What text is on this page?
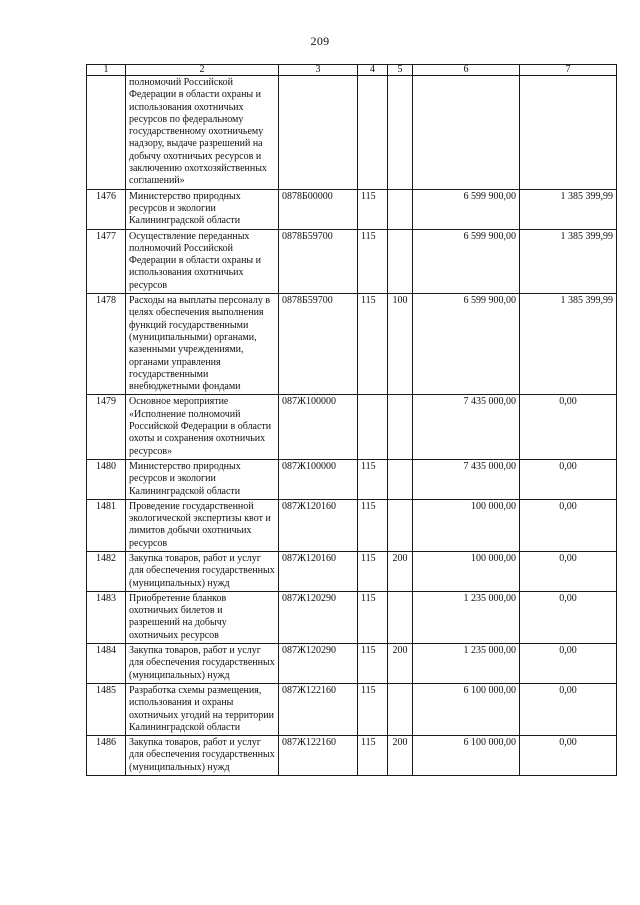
209
1	2	3	4	5	6	7
	полномочий Российской Федерации в области охраны и использования охотничьих ресурсов по федеральному государственному охотничьему надзору, выдаче разрешений на добычу охотничьих ресурсов и заключению охотхозяйственных соглашений»					
1476	Министерство природных ресурсов и экологии Калининградской области	0878Б00000	115		6 599 900,00	1 385 399,99
1477	Осуществление переданных полномочий Российской Федерации в области охраны и использования охотничьих ресурсов	0878Б59700	115		6 599 900,00	1 385 399,99
1478	Расходы на выплаты персоналу в целях обеспечения выполнения функций государственными (муниципальными) органами, казенными учреждениями, органами управления государственными внебюджетными фондами	0878Б59700	115	100	6 599 900,00	1 385 399,99
1479	Основное мероприятие «Исполнение полномочий Российской Федерации в области охоты и сохранения охотничьих ресурсов»	087Ж100000			7 435 000,00	0,00
1480	Министерство природных ресурсов и экологии Калининградской области	087Ж100000	115		7 435 000,00	0,00
1481	Проведение государственной экологической экспертизы квот и лимитов добычи охотничьих ресурсов	087Ж120160	115		100 000,00	0,00
1482	Закупка товаров, работ и услуг для обеспечения государственных (муниципальных) нужд	087Ж120160	115	200	100 000,00	0,00
1483	Приобретение бланков охотничьих билетов и разрешений на добычу охотничьих ресурсов	087Ж120290	115		1 235 000,00	0,00
1484	Закупка товаров, работ и услуг для обеспечения государственных (муниципальных) нужд	087Ж120290	115	200	1 235 000,00	0,00
1485	Разработка схемы размещения, использования и охраны охотничьих угодий на территории Калининградской области	087Ж122160	115		6 100 000,00	0,00
1486	Закупка товаров, работ и услуг для обеспечения государственных (муниципальных) нужд	087Ж122160	115	200	6 100 000,00	0,00
